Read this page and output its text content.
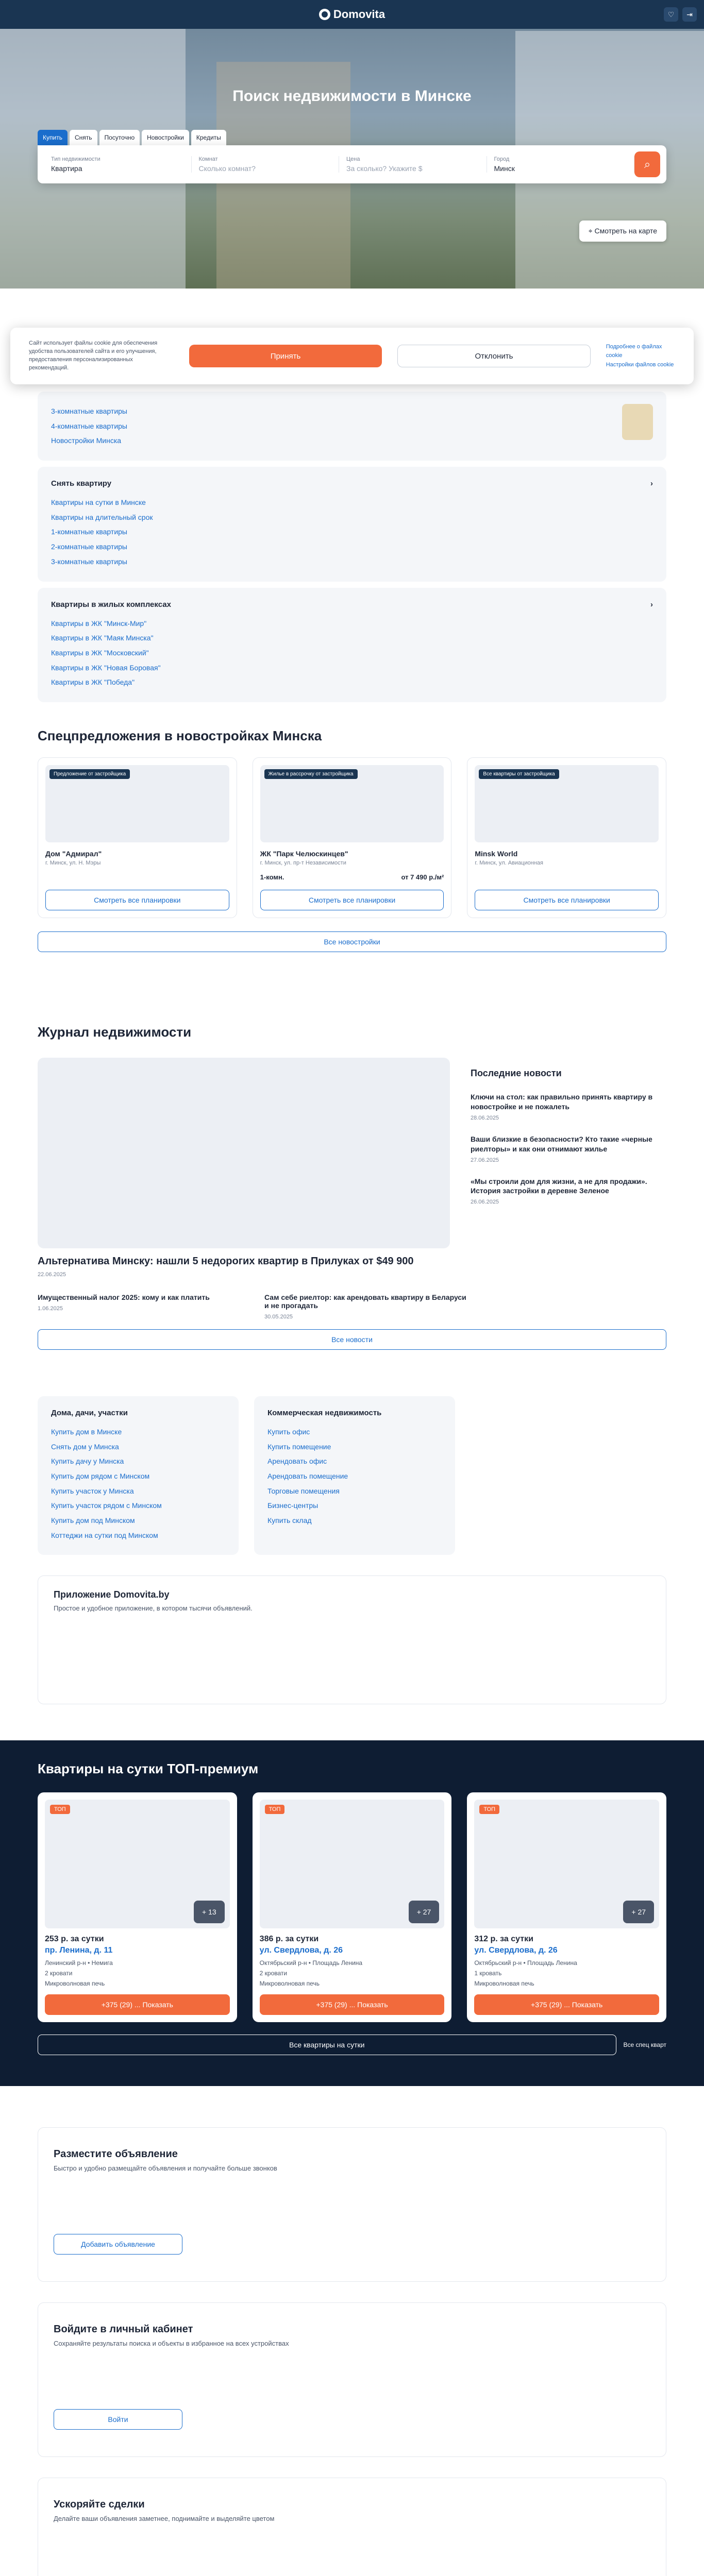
Domovita	♡	⇥
Поиск недвижимости в Минске
Купить	Снять	Посуточно	Новостройки	Кредиты
Тип недвижимости
Квартира
Комнат
Сколько комнат?
Цена
За сколько? Укажите $
Город
Минск	⌕
⌖ Смотреть на карте
Сайт использует файлы cookie для обеспечения удобства пользователей сайта и его улучшения, предоставления персонализированных рекомендаций.
Принять	Отклонить
Подробнее о файлах cookie
Настройки файлов cookie
3-комнатные квартиры
4-комнатные квартиры
Новостройки Минска
Снять квартиру	›
Квартиры на сутки в Минске
Квартиры на длительный срок
1-комнатные квартиры
2-комнатные квартиры
3-комнатные квартиры
Квартиры в жилых комплексах	›
Квартиры в ЖК "Минск-Мир"
Квартиры в ЖК "Маяк Минска"
Квартиры в ЖК "Московский"
Квартиры в ЖК "Новая Боровая"
Квартиры в ЖК "Победа"
Спецпредложения в новостройках Минска
Предложение от застройщика
Дом "Адмирал"
г. Минск, ул. Н. Мэры
Смотреть все планировки
Жилье в рассрочку от застройщика
ЖК "Парк Челюскинцев"
г. Минск, ул. пр-т Независимости
1-комн.	от 7 490 р./м²
Смотреть все планировки
Все квартиры от застройщика
Minsk World
г. Минск, ул. Авиационная
Смотреть все планировки
Все новостройки
Журнал недвижимости
Альтернатива Минску: нашли 5 недорогих квартир в Прилуках от $49 900
22.06.2025
Последние новости
Ключи на стол: как правильно принять квартиру в новостройке и не пожалеть
28.06.2025
Ваши близкие в безопасности? Кто такие «черные риелторы» и как они отнимают жилье
27.06.2025
«Мы строили дом для жизни, а не для продажи». История застройки в деревне Зеленое
26.06.2025
Имущественный налог 2025: кому и как платить
1.06.2025
Сам себе риелтор: как арендовать квартиру в Беларуси и не прогадать
30.05.2025
Все новости
Дома, дачи, участки
Купить дом в Минске
Снять дом у Минска
Купить дачу у Минска
Купить дом рядом с Минском
Купить участок у Минска
Купить участок рядом с Минском
Купить дом под Минском
Коттеджи на сутки под Минском
Коммерческая недвижимость
Купить офис
Купить помещение
Арендовать офис
Арендовать помещение
Торговые помещения
Бизнес-центры
Купить склад
Приложение Domovita.by
Простое и удобное приложение, в котором тысячи объявлений.
Квартиры на сутки ТОП-премиум
ТОП
+ 13
253 р. за сутки
пр. Ленина, д. 11
Ленинский р-н • Немига
2 кровати
Микроволновая печь
+375 (29) ... Показать
ТОП
+ 27
386 р. за сутки
ул. Свердлова, д. 26
Октябрьский р-н • Площадь Ленина
2 кровати
Микроволновая печь
+375 (29) ... Показать
ТОП
+ 27
312 р. за сутки
ул. Свердлова, д. 26
Октябрьский р-н • Площадь Ленина
1 кровать
Микроволновая печь
+375 (29) ... Показать
Все квартиры на сутки	Все спец кварт
Разместите объявление
Быстро и удобно размещайте объявления и получайте больше звонков
Добавить объявление
Войдите в личный кабинет
Сохраняйте результаты поиска и объекты в избранное на всех устройствах
Войти
Ускоряйте сделки
Делайте ваши объявления заметнее, поднимайте и выделяйте цветом
